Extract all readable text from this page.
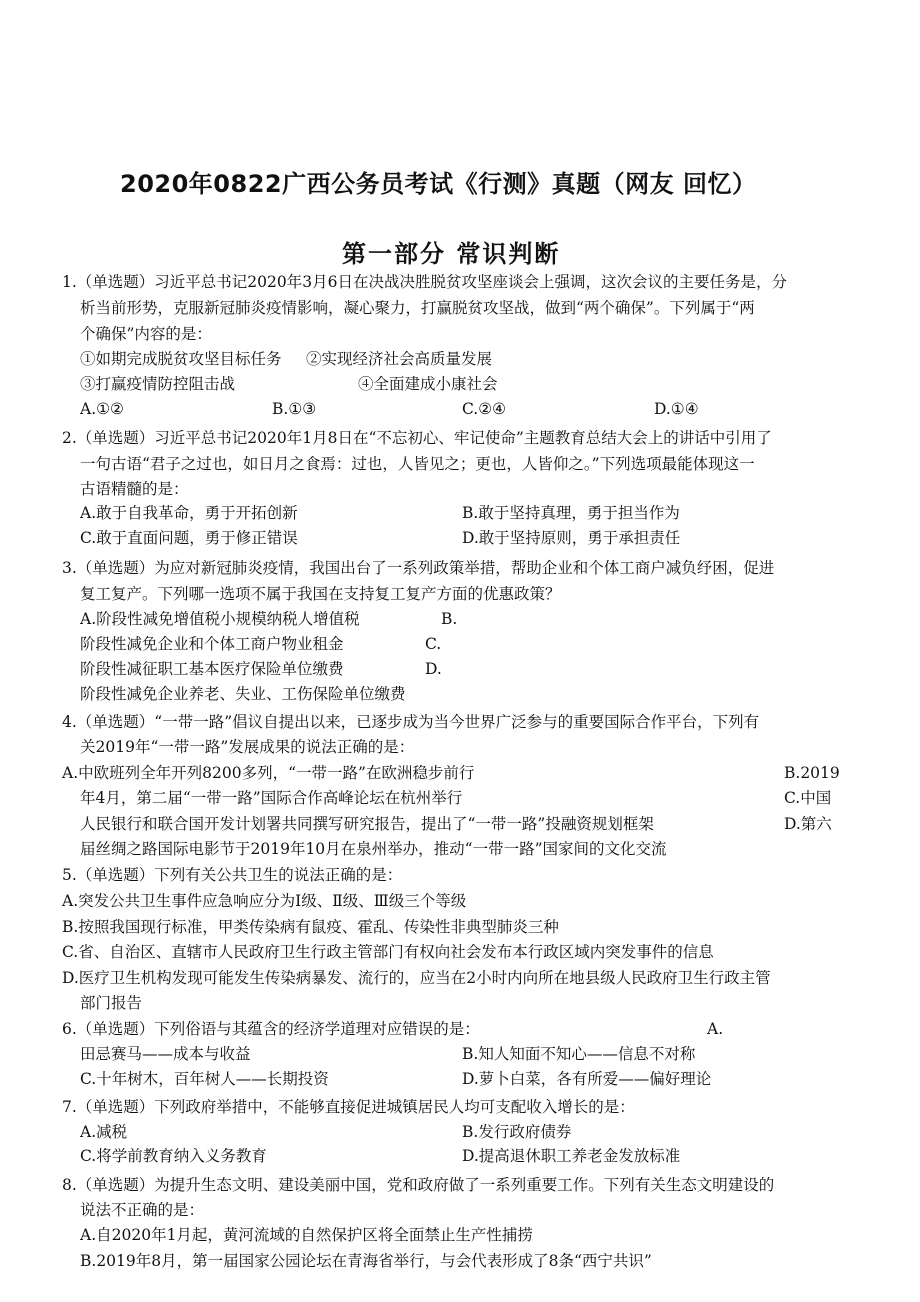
2020年0822广西公务员考试《行测》真题（网友 回忆）
第一部分 常识判断
1.（单选题）习近平总书记2020年3月6日在决战决胜脱贫攻坚座谈会上强调，这次会议的主要任务是，分
析当前形势，克服新冠肺炎疫情影响，凝心聚力，打赢脱贫攻坚战，做到“两个确保”。下列属于“两
个确保”内容的是：
①如期完成脱贫攻坚目标任务 ②实现经济社会高质量发展
③打赢疫情防控阻击战	④全面建成小康社会
A.①②	B.①③	C.②④	D.①④
2.（单选题）习近平总书记2020年1月8日在“不忘初心、牢记使命”主题教育总结大会上的讲话中引用了
一句古语“君子之过也，如日月之食焉：过也，人皆见之；更也，人皆仰之。”下列选项最能体现这一
古语精髓的是：
A.敢于自我革命，勇于开拓创新	B.敢于坚持真理，勇于担当作为
C.敢于直面问题，勇于修正错误	D.敢于坚持原则，勇于承担责任
3.（单选题）为应对新冠肺炎疫情，我国出台了一系列政策举措，帮助企业和个体工商户减负纾困，促进
复工复产。下列哪一选项不属于我国在支持复工复产方面的优惠政策？
A.阶段性减免增值税小规模纳税人增值税	B.
阶段性减免企业和个体工商户物业租金	C.
阶段性减征职工基本医疗保险单位缴费	D.
阶段性减免企业养老、失业、工伤保险单位缴费
4.（单选题）“一带一路”倡议自提出以来，已逐步成为当今世界广泛参与的重要国际合作平台，下列有
关2019年“一带一路”发展成果的说法正确的是：
A.中欧班列全年开列8200多列，“一带一路”在欧洲稳步前行	B.2019
年4月，第二届“一带一路”国际合作高峰论坛在杭州举行	C.中国
人民银行和联合国开发计划署共同撰写研究报告，提出了“一带一路”投融资规划框架	D.第六
届丝绸之路国际电影节于2019年10月在泉州举办，推动“一带一路”国家间的文化交流
5.（单选题）下列有关公共卫生的说法正确的是：
A.突发公共卫生事件应急响应分为Ⅰ级、Ⅱ级、Ⅲ级三个等级
B.按照我国现行标准，甲类传染病有鼠疫、霍乱、传染性非典型肺炎三种
C.省、自治区、直辖市人民政府卫生行政主管部门有权向社会发布本行政区域内突发事件的信息
D.医疗卫生机构发现可能发生传染病暴发、流行的，应当在2小时内向所在地县级人民政府卫生行政主管
部门报告
6.（单选题）下列俗语与其蕴含的经济学道理对应错误的是：	A.
田忌赛马——成本与收益	B.知人知面不知心——信息不对称
C.十年树木，百年树人——长期投资	D.萝卜白菜，各有所爱——偏好理论
7.（单选题）下列政府举措中，不能够直接促进城镇居民人均可支配收入增长的是：
A.减税	B.发行政府债券
C.将学前教育纳入义务教育	D.提高退休职工养老金发放标准
8.（单选题）为提升生态文明、建设美丽中国，党和政府做了一系列重要工作。下列有关生态文明建设的
说法不正确的是：
A.自2020年1月起，黄河流域的自然保护区将全面禁止生产性捕捞
B.2019年8月，第一届国家公园论坛在青海省举行，与会代表形成了8条“西宁共识”
